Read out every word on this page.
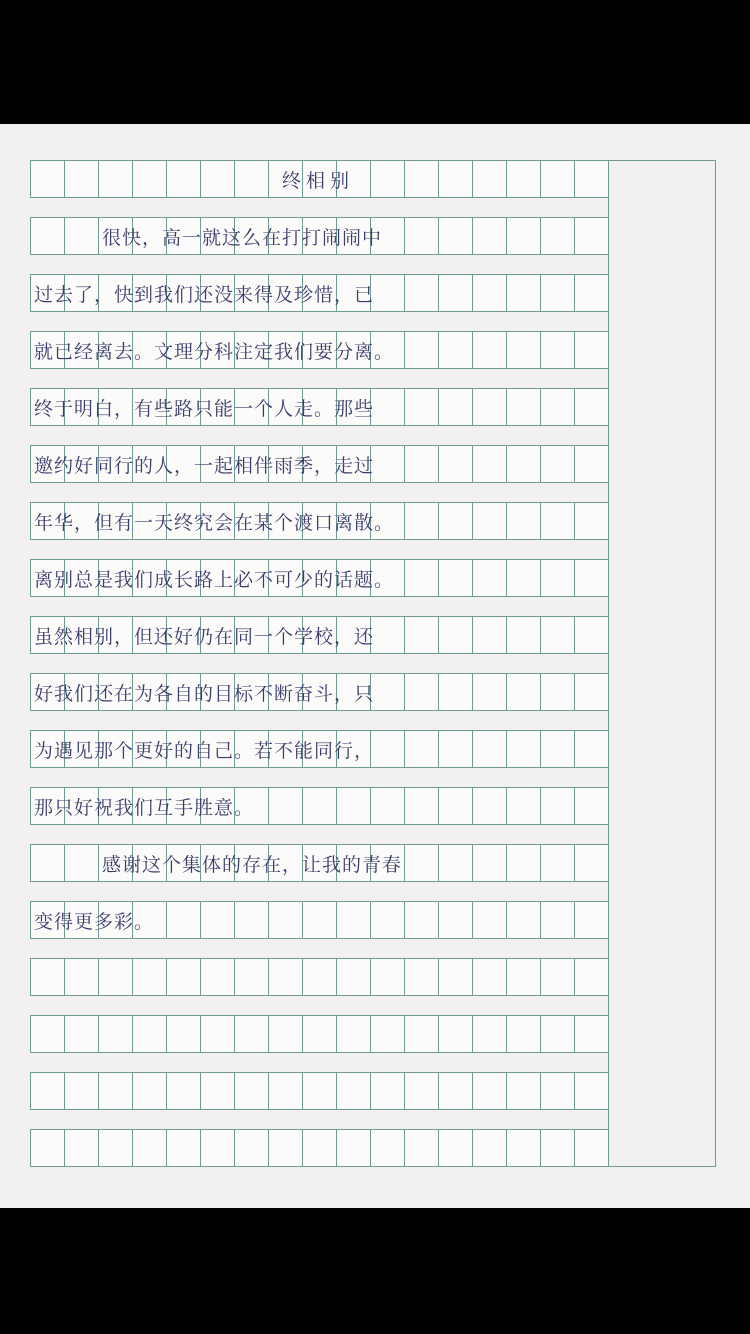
终相别
很快，高一就这么在打打闹闹中
过去了，快到我们还没来得及珍惜，已
就已经离去。文理分科注定我们要分离。
终于明白，有些路只能一个人走。那些
邀约好同行的人，一起相伴雨季，走过
年华，但有一天终究会在某个渡口离散。
离别总是我们成长路上必不可少的话题。
虽然相别，但还好仍在同一个学校，还
好我们还在为各自的目标不断奋斗，只
为遇见那个更好的自己。若不能同行，
那只好祝我们互手胜意。
感谢这个集体的存在，让我的青春
变得更多彩。
